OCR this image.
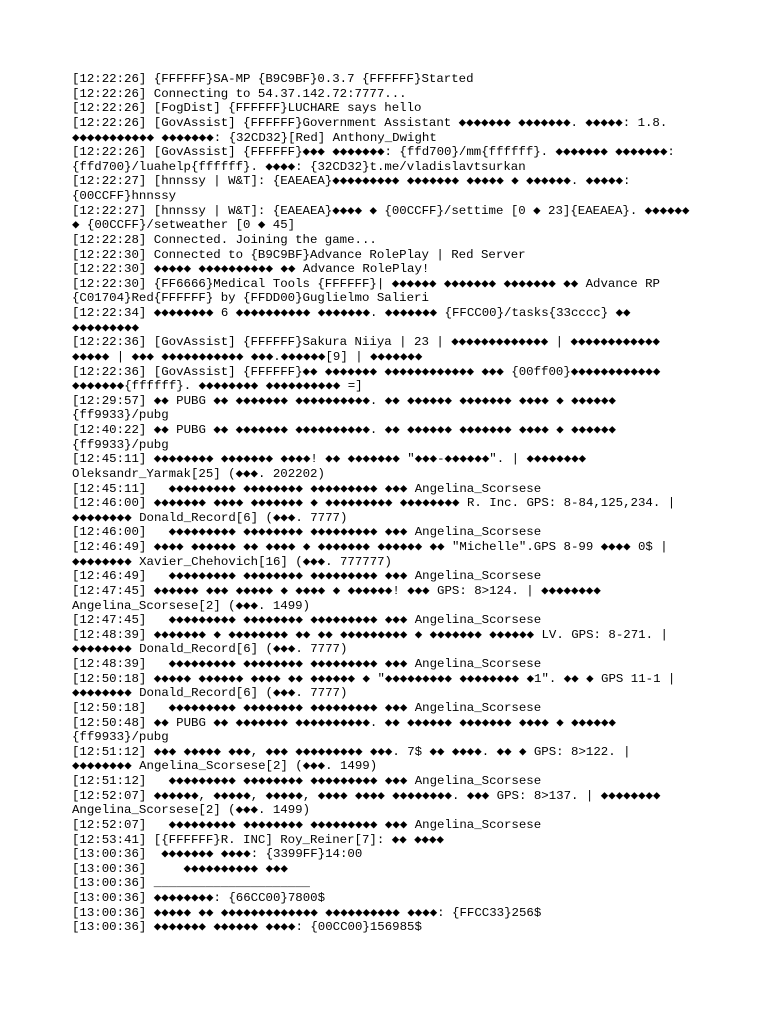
[12:22:26] {FFFFFF}SA-MP {B9C9BF}0.3.7 {FFFFFF}Started
[12:22:26] Connecting to 54.37.142.72:7777...
[12:22:26] [FogDist] {FFFFFF}LUCHARE says hello
[12:22:26] [GovAssist] {FFFFFF}Government Assistant ◆◆◆◆◆◆◆ ◆◆◆◆◆◆◆. ◆◆◆◆◆: 1.8.
◆◆◆◆◆◆◆◆◆◆◆ ◆◆◆◆◆◆◆: {32CD32}[Red] Anthony_Dwight
[12:22:26] [GovAssist] {FFFFFF}◆◆◆ ◆◆◆◆◆◆◆: {ffd700}/mm{ffffff}. ◆◆◆◆◆◆◆ ◆◆◆◆◆◆◆:
{ffd700}/luahelp{ffffff}. ◆◆◆◆: {32CD32}t.me/vladislavtsurkan
[12:22:27] [hnnssy | W&T]: {EAEAEA}◆◆◆◆◆◆◆◆◆ ◆◆◆◆◆◆◆ ◆◆◆◆◆ ◆ ◆◆◆◆◆◆. ◆◆◆◆◆:
{00CCFF}hnnssy
[12:22:27] [hnnssy | W&T]: {EAEAEA}◆◆◆◆ ◆ {00CCFF}/settime [0 ◆ 23]{EAEAEA}. ◆◆◆◆◆◆
◆ {00CCFF}/setweather [0 ◆ 45]
[12:22:28] Connected. Joining the game...
[12:22:30] Connected to {B9C9BF}Advance RolePlay | Red Server
[12:22:30] ◆◆◆◆◆ ◆◆◆◆◆◆◆◆◆◆ ◆◆ Advance RolePlay!
[12:22:30] {FF6666}Medical Tools {FFFFFF}| ◆◆◆◆◆◆ ◆◆◆◆◆◆◆ ◆◆◆◆◆◆◆ ◆◆ Advance RP
{C01704}Red{FFFFFF} by {FFDD00}Guglielmo Salieri
[12:22:34] ◆◆◆◆◆◆◆◆ 6 ◆◆◆◆◆◆◆◆◆◆ ◆◆◆◆◆◆◆. ◆◆◆◆◆◆◆ {FFCC00}/tasks{33cccc} ◆◆
◆◆◆◆◆◆◆◆◆
[12:22:36] [GovAssist] {FFFFFF}Sakura Niiya | 23 | ◆◆◆◆◆◆◆◆◆◆◆◆◆ | ◆◆◆◆◆◆◆◆◆◆◆◆
◆◆◆◆◆ | ◆◆◆ ◆◆◆◆◆◆◆◆◆◆◆ ◆◆◆.◆◆◆◆◆◆[9] | ◆◆◆◆◆◆◆
[12:22:36] [GovAssist] {FFFFFF}◆◆ ◆◆◆◆◆◆◆ ◆◆◆◆◆◆◆◆◆◆◆◆ ◆◆◆ {00ff00}◆◆◆◆◆◆◆◆◆◆◆◆
◆◆◆◆◆◆◆{ffffff}. ◆◆◆◆◆◆◆◆ ◆◆◆◆◆◆◆◆◆◆ =]
[12:29:57] ◆◆ PUBG ◆◆ ◆◆◆◆◆◆◆ ◆◆◆◆◆◆◆◆◆◆. ◆◆ ◆◆◆◆◆◆ ◆◆◆◆◆◆◆ ◆◆◆◆ ◆ ◆◆◆◆◆◆
{ff9933}/pubg
[12:40:22] ◆◆ PUBG ◆◆ ◆◆◆◆◆◆◆ ◆◆◆◆◆◆◆◆◆◆. ◆◆ ◆◆◆◆◆◆ ◆◆◆◆◆◆◆ ◆◆◆◆ ◆ ◆◆◆◆◆◆
{ff9933}/pubg
[12:45:11] ◆◆◆◆◆◆◆◆ ◆◆◆◆◆◆◆ ◆◆◆◆! ◆◆ ◆◆◆◆◆◆◆ "◆◆◆-◆◆◆◆◆◆". | ◆◆◆◆◆◆◆◆
Oleksandr_Yarmak[25] (◆◆◆. 202202)
[12:45:11]   ◆◆◆◆◆◆◆◆◆ ◆◆◆◆◆◆◆◆ ◆◆◆◆◆◆◆◆◆ ◆◆◆ Angelina_Scorsese
[12:46:00] ◆◆◆◆◆◆◆ ◆◆◆◆ ◆◆◆◆◆◆◆ ◆ ◆◆◆◆◆◆◆◆◆ ◆◆◆◆◆◆◆◆ R. Inc. GPS: 8-84,125,234. |
◆◆◆◆◆◆◆◆ Donald_Record[6] (◆◆◆. 7777)
[12:46:00]   ◆◆◆◆◆◆◆◆◆ ◆◆◆◆◆◆◆◆ ◆◆◆◆◆◆◆◆◆ ◆◆◆ Angelina_Scorsese
[12:46:49] ◆◆◆◆ ◆◆◆◆◆◆ ◆◆ ◆◆◆◆ ◆ ◆◆◆◆◆◆◆ ◆◆◆◆◆◆ ◆◆ "Michelle".GPS 8-99 ◆◆◆◆ 0$ |
◆◆◆◆◆◆◆◆ Xavier_Chehovich[16] (◆◆◆. 777777)
[12:46:49]   ◆◆◆◆◆◆◆◆◆ ◆◆◆◆◆◆◆◆ ◆◆◆◆◆◆◆◆◆ ◆◆◆ Angelina_Scorsese
[12:47:45] ◆◆◆◆◆◆ ◆◆◆ ◆◆◆◆◆ ◆ ◆◆◆◆ ◆ ◆◆◆◆◆◆! ◆◆◆ GPS: 8>124. | ◆◆◆◆◆◆◆◆
Angelina_Scorsese[2] (◆◆◆. 1499)
[12:47:45]   ◆◆◆◆◆◆◆◆◆ ◆◆◆◆◆◆◆◆ ◆◆◆◆◆◆◆◆◆ ◆◆◆ Angelina_Scorsese
[12:48:39] ◆◆◆◆◆◆◆ ◆ ◆◆◆◆◆◆◆◆ ◆◆ ◆◆ ◆◆◆◆◆◆◆◆◆ ◆ ◆◆◆◆◆◆◆ ◆◆◆◆◆◆ LV. GPS: 8-271. |
◆◆◆◆◆◆◆◆ Donald_Record[6] (◆◆◆. 7777)
[12:48:39]   ◆◆◆◆◆◆◆◆◆ ◆◆◆◆◆◆◆◆ ◆◆◆◆◆◆◆◆◆ ◆◆◆ Angelina_Scorsese
[12:50:18] ◆◆◆◆◆ ◆◆◆◆◆◆ ◆◆◆◆ ◆◆ ◆◆◆◆◆◆ ◆ "◆◆◆◆◆◆◆◆◆ ◆◆◆◆◆◆◆◆ ◆1". ◆◆ ◆ GPS 11-1 |
◆◆◆◆◆◆◆◆ Donald_Record[6] (◆◆◆. 7777)
[12:50:18]   ◆◆◆◆◆◆◆◆◆ ◆◆◆◆◆◆◆◆ ◆◆◆◆◆◆◆◆◆ ◆◆◆ Angelina_Scorsese
[12:50:48] ◆◆ PUBG ◆◆ ◆◆◆◆◆◆◆ ◆◆◆◆◆◆◆◆◆◆. ◆◆ ◆◆◆◆◆◆ ◆◆◆◆◆◆◆ ◆◆◆◆ ◆ ◆◆◆◆◆◆
{ff9933}/pubg
[12:51:12] ◆◆◆ ◆◆◆◆◆ ◆◆◆, ◆◆◆ ◆◆◆◆◆◆◆◆◆ ◆◆◆. 7$ ◆◆ ◆◆◆◆. ◆◆ ◆ GPS: 8>122. |
◆◆◆◆◆◆◆◆ Angelina_Scorsese[2] (◆◆◆. 1499)
[12:51:12]   ◆◆◆◆◆◆◆◆◆ ◆◆◆◆◆◆◆◆ ◆◆◆◆◆◆◆◆◆ ◆◆◆ Angelina_Scorsese
[12:52:07] ◆◆◆◆◆◆, ◆◆◆◆◆, ◆◆◆◆◆, ◆◆◆◆ ◆◆◆◆ ◆◆◆◆◆◆◆◆. ◆◆◆ GPS: 8>137. | ◆◆◆◆◆◆◆◆
Angelina_Scorsese[2] (◆◆◆. 1499)
[12:52:07]   ◆◆◆◆◆◆◆◆◆ ◆◆◆◆◆◆◆◆ ◆◆◆◆◆◆◆◆◆ ◆◆◆ Angelina_Scorsese
[12:53:41] [{FFFFFF}R. INC] Roy_Reiner[7]: ◆◆ ◆◆◆◆
[13:00:36]  ◆◆◆◆◆◆◆ ◆◆◆◆: {3399FF}14:00
[13:00:36]     ◆◆◆◆◆◆◆◆◆◆ ◆◆◆
[13:00:36] _____________________
[13:00:36] ◆◆◆◆◆◆◆◆: {66CC00}7800$
[13:00:36] ◆◆◆◆◆ ◆◆ ◆◆◆◆◆◆◆◆◆◆◆◆◆ ◆◆◆◆◆◆◆◆◆◆ ◆◆◆◆: {FFCC33}256$
[13:00:36] ◆◆◆◆◆◆◆ ◆◆◆◆◆◆ ◆◆◆◆: {00CC00}156985$
